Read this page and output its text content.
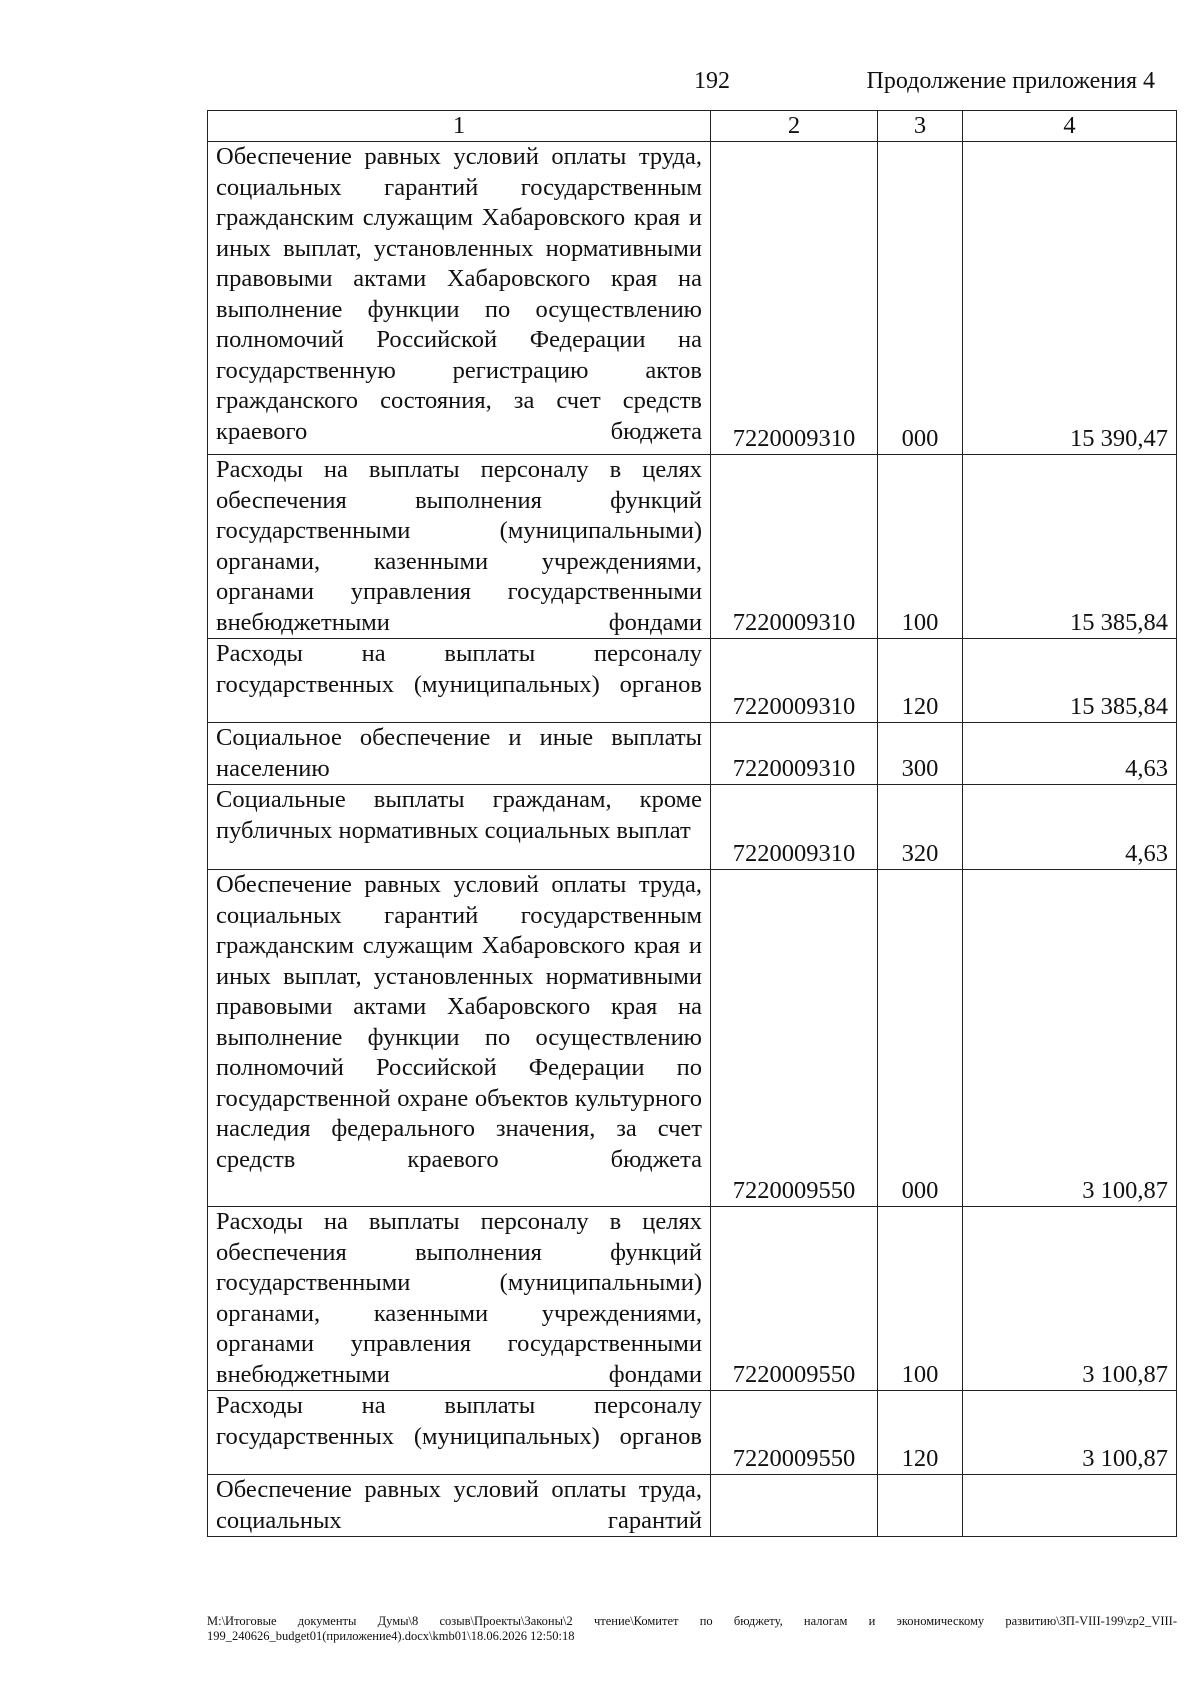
192	Продолжение приложения 4
1	2	3	4
Обеспечение равных условий оплаты труда, социальных гарантий государственным гражданским служащим Хабаровского края и иных выплат, установленных нормативными правовыми актами Хабаровского края на выполнение функции по осуществлению полномочий Российской Федерации на государственную регистрацию актов гражданского состояния, за счет средств краевого бюджета	7220009310	000	15 390,47
Расходы на выплаты персоналу в целях обеспечения выполнения функций государственными (муниципальными) органами, казенными учреждениями, органами управления государственными внебюджетными фондами	7220009310	100	15 385,84
Расходы на выплаты персоналу государственных (муниципальных) органов	7220009310	120	15 385,84
Социальное обеспечение и иные выплаты населению	7220009310	300	4,63
Социальные выплаты гражданам, кроме публичных нормативных социальных выплат	7220009310	320	4,63
Обеспечение равных условий оплаты труда, социальных гарантий государственным гражданским служащим Хабаровского края и иных выплат, установленных нормативными правовыми актами Хабаровского края на выполнение функции по осуществлению полномочий Российской Федерации по государственной охране объектов культурного наследия федерального значения, за счет средств краевого бюджета	7220009550	000	3 100,87
Расходы на выплаты персоналу в целях обеспечения выполнения функций государственными (муниципальными) органами, казенными учреждениями, органами управления государственными внебюджетными фондами	7220009550	100	3 100,87
Расходы на выплаты персоналу государственных (муниципальных) органов	7220009550	120	3 100,87
Обеспечение равных условий оплаты труда, социальных гарантий			
M:\Итоговые документы Думы\8 созыв\Проекты\Законы\2 чтение\Комитет по бюджету, налогам и экономическому развитию\ЗП-VIII-199\zp2_VIII-199_240626_budget01(приложение4).docx\kmb01\18.06.2026 12:50:18
